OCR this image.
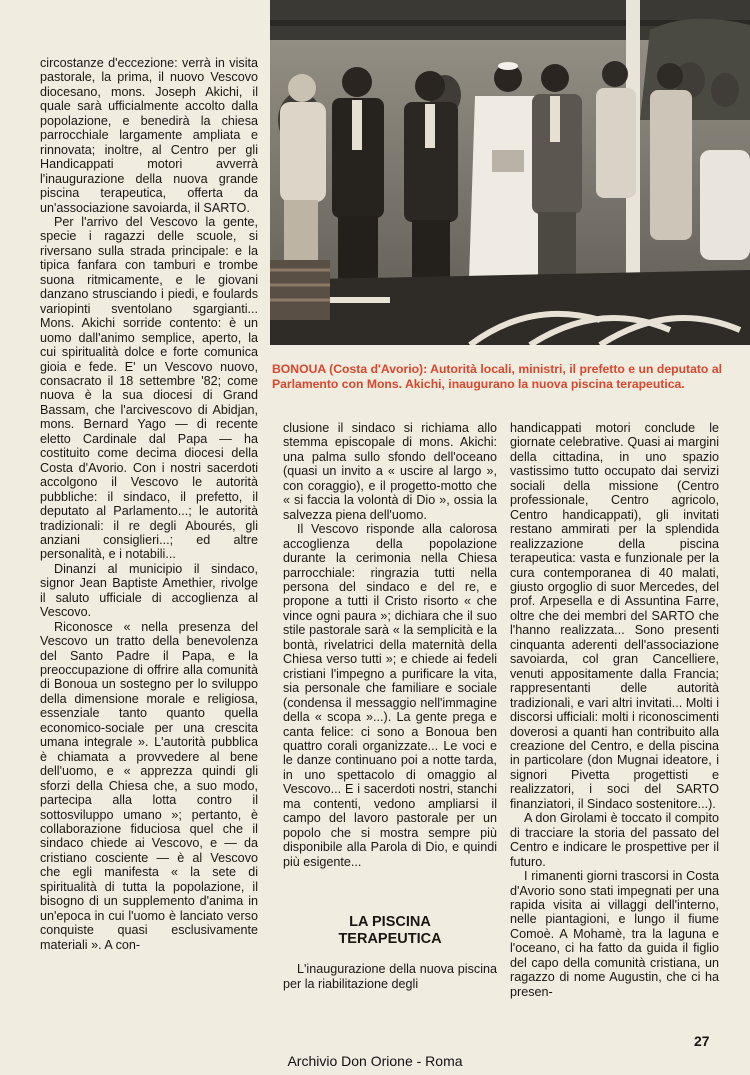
BONOUA (Costa d'Avorio): Autorità locali, ministri, il prefetto e un deputato al Parlamento con Mons. Akichi, inaugurano la nuova piscina terapeutica.

circostanze d'eccezione: verrà in visita pastorale, la prima, il nuovo Vescovo diocesano, mons. Joseph Akichi, il quale sarà ufficialmente accolto dalla popolazione, e benedirà la chiesa parrocchiale largamente ampliata e rinnovata; inoltre, al Centro per gli Handicappati motori avverrà l'inaugurazione della nuova grande piscina terapeutica, offerta da un'associazione savoiarda, il SARTO.

Per l'arrivo del Vescovo la gente, specie i ragazzi delle scuole, si riversano sulla strada principale: e la tipica fanfara con tamburi e trombe suona ritmicamente, e le giovani danzano strusciando i piedi, e foulards variopinti sventolano sgargianti... Mons. Akichi sorride contento: è un uomo dall'animo semplice, aperto, la cui spiritualità dolce e forte comunica gioia e fede. E' un Vescovo nuovo, consacrato il 18 settembre '82; come nuova è la sua diocesi di Grand Bassam, che l'arcivescovo di Abidjan, mons. Bernard Yago — di recente eletto Cardinale dal Papa — ha costituito come decima diocesi della Costa d'Avorio. Con i nostri sacerdoti accolgono il Vescovo le autorità pubbliche: il sindaco, il prefetto, il deputato al Parlamento...; le autorità tradizionali: il re degli Abourés, gli anziani consiglieri...; ed altre personalità, e i notabili...

Dinanzi al municipio il sindaco, signor Jean Baptiste Amethier, rivolge il saluto ufficiale di accoglienza al Vescovo.

Riconosce « nella presenza del Vescovo un tratto della benevolenza del Santo Padre il Papa, e la preoccupazione di offrire alla comunità di Bonoua un sostegno per lo sviluppo della dimensione morale e religiosa, essenziale tanto quanto quella economico-sociale per una crescita umana integrale ». L'autorità pubblica è chiamata a provvedere al bene dell'uomo, e « apprezza quindi gli sforzi della Chiesa che, a suo modo, partecipa alla lotta contro il sottosviluppo umano »; pertanto, è collaborazione fiduciosa quel che il sindaco chiede ai Vescovo, e — da cristiano cosciente — è al Vescovo che egli manifesta « la sete di spiritualità di tutta la popolazione, il bisogno di un supplemento d'anima in un'epoca in cui l'uomo è lanciato verso conquiste quasi esclusivamente materiali ». A con-

clusione il sindaco si richiama allo stemma episcopale di mons. Akichi: una palma sullo sfondo dell'oceano (quasi un invito a « uscire al largo », con coraggio), e il progetto-motto che « si faccia la volontà di Dio », ossia la salvezza piena dell'uomo.

Il Vescovo risponde alla calorosa accoglienza della popolazione durante la cerimonia nella Chiesa parrocchiale: ringrazia tutti nella persona del sindaco e del re, e propone a tutti il Cristo risorto « che vince ogni paura »; dichiara che il suo stile pastorale sarà « la semplicità e la bontà, rivelatrici della maternità della Chiesa verso tutti »; e chiede ai fedeli cristiani l'impegno a purificare la vita, sia personale che familiare e sociale (condensa il messaggio nell'immagine della « scopa »...). La gente prega e canta felice: ci sono a Bonoua ben quattro corali organizzate... Le voci e le danze continuano poi a notte tarda, in uno spettacolo di omaggio al Vescovo... E i sacerdoti nostri, stanchi ma contenti, vedono ampliarsi il campo del lavoro pastorale per un popolo che si mostra sempre più disponibile alla Parola di Dio, e quindi più esigente...

LA PISCINA
TERAPEUTICA

L'inaugurazione della nuova piscina per la riabilitazione degli

handicappati motori conclude le giornate celebrative. Quasi ai margini della cittadina, in uno spazio vastissimo tutto occupato dai servizi sociali della missione (Centro professionale, Centro agricolo, Centro handicappati), gli invitati restano ammirati per la splendida realizzazione della piscina terapeutica: vasta e funzionale per la cura contemporanea di 40 malati, giusto orgoglio di suor Mercedes, del prof. Arpesella e di Assuntina Farre, oltre che dei membri del SARTO che l'hanno realizzata... Sono presenti cinquanta aderenti dell'associazione savoiarda, col gran Cancelliere, venuti appositamente dalla Francia; rappresentanti delle autorità tradizionali, e vari altri invitati... Molti i discorsi ufficiali: molti i riconoscimenti doverosi a quanti han contribuito alla creazione del Centro, e della piscina in particolare (don Mugnai ideatore, i signori Pivetta progettisti e realizzatori, i soci del SARTO finanziatori, il Sindaco sostenitore...).

A don Girolami è toccato il compito di tracciare la storia del passato del Centro e indicare le prospettive per il futuro.

I rimanenti giorni trascorsi in Costa d'Avorio sono stati impegnati per una rapida visita ai villaggi dell'interno, nelle piantagioni, e lungo il fiume Comoè. A Mohamè, tra la laguna e l'oceano, ci ha fatto da guida il figlio del capo della comunità cristiana, un ragazzo di nome Augustin, che ci ha presen-

27
Archivio Don Orione - Roma
